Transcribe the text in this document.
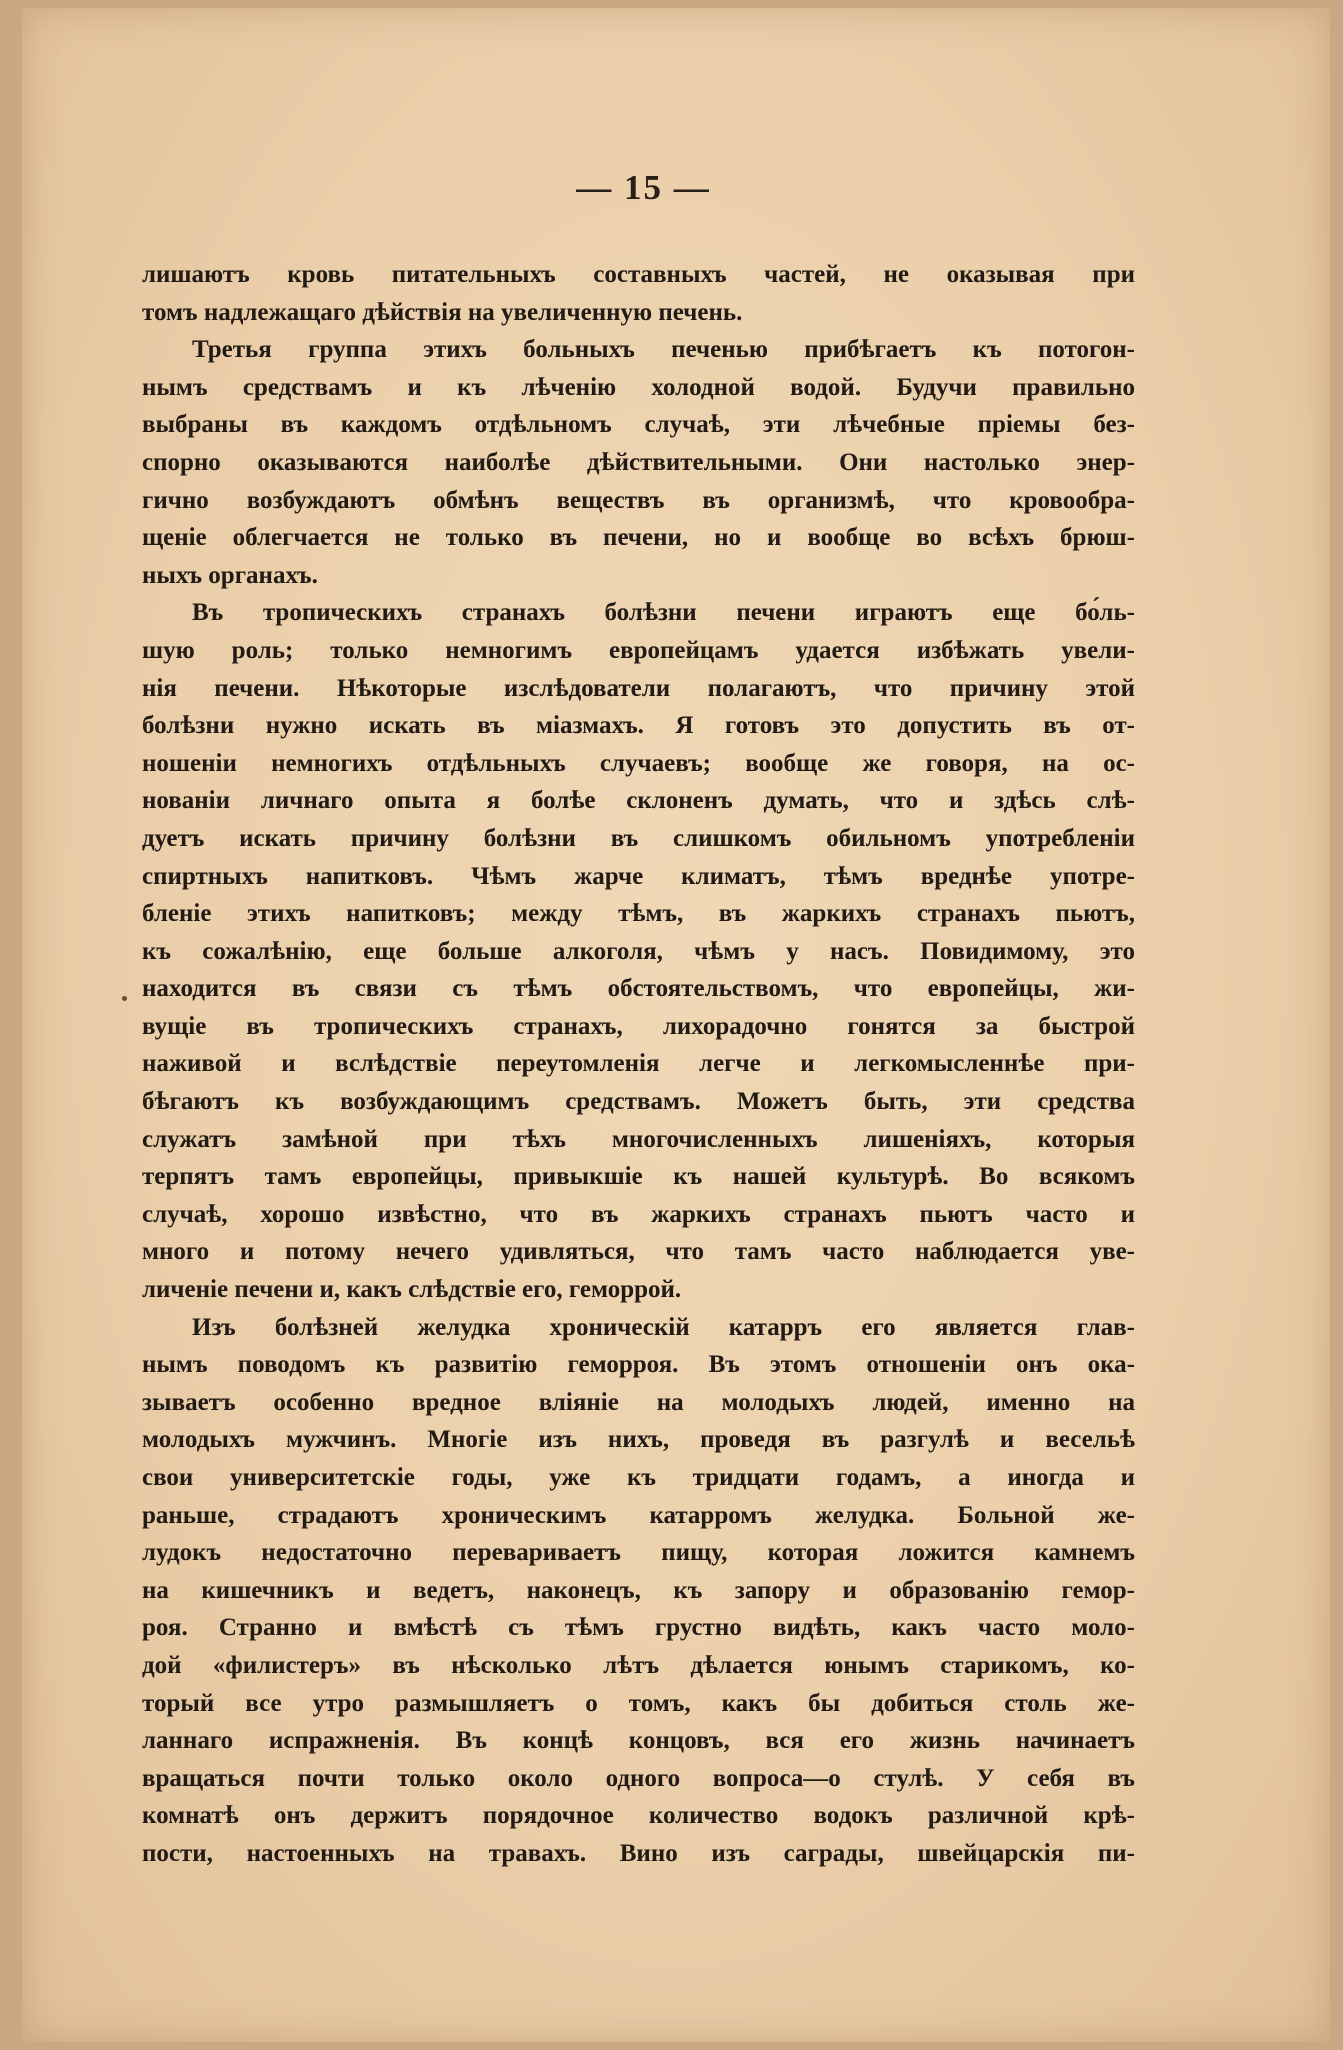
— 15 —
лишаютъ кровь питательныхъ составныхъ частей, не оказывая при
томъ надлежащаго дѣйствія на увеличенную печень.
Третья группа этихъ больныхъ печенью прибѣгаетъ къ потогон-
нымъ средствамъ и къ лѣченію холодной водой. Будучи правильно
выбраны въ каждомъ отдѣльномъ случаѣ, эти лѣчебные пріемы без-
спорно оказываются наиболѣе дѣйствительными. Они настолько энер-
гично возбуждаютъ обмѣнъ веществъ въ организмѣ, что кровообра-
щеніе облегчается не только въ печени, но и вообще во всѣхъ брюш-
ныхъ органахъ.
Въ тропическихъ странахъ болѣзни печени играютъ еще бо́ль-
шую роль; только немногимъ европейцамъ удается избѣжать увели-
нія печени. Нѣкоторые изслѣдователи полагаютъ, что причину этой
болѣзни нужно искать въ міазмахъ. Я готовъ это допустить въ от-
ношеніи немногихъ отдѣльныхъ случаевъ; вообще же говоря, на ос-
нованіи личнаго опыта я болѣе склоненъ думать, что и здѣсь слѣ-
дуетъ искать причину болѣзни въ слишкомъ обильномъ употребленіи
спиртныхъ напитковъ. Чѣмъ жарче климатъ, тѣмъ вреднѣе употре-
бленіе этихъ напитковъ; между тѣмъ, въ жаркихъ странахъ пьютъ,
къ сожалѣнію, еще больше алкоголя, чѣмъ у насъ. Повидимому, это
находится въ связи съ тѣмъ обстоятельствомъ, что европейцы, жи-
вущіе въ тропическихъ странахъ, лихорадочно гонятся за быстрой
наживой и вслѣдствіе переутомленія легче и легкомысленнѣе при-
бѣгаютъ къ возбуждающимъ средствамъ. Можетъ быть, эти средства
служатъ замѣной при тѣхъ многочисленныхъ лишеніяхъ, которыя
терпятъ тамъ европейцы, привыкшіе къ нашей культурѣ. Во всякомъ
случаѣ, хорошо извѣстно, что въ жаркихъ странахъ пьютъ часто и
много и потому нечего удивляться, что тамъ часто наблюдается уве-
личеніе печени и, какъ слѣдствіе его, геморрой.
Изъ болѣзней желудка хроническій катарръ его является глав-
нымъ поводомъ къ развитію геморроя. Въ этомъ отношеніи онъ ока-
зываетъ особенно вредное вліяніе на молодыхъ людей, именно на
молодыхъ мужчинъ. Многіе изъ нихъ, проведя въ разгулѣ и весельѣ
свои университетскіе годы, уже къ тридцати годамъ, а иногда и
раньше, страдаютъ хроническимъ катарромъ желудка. Больной же-
лудокъ недостаточно перевариваетъ пищу, которая ложится камнемъ
на кишечникъ и ведетъ, наконецъ, къ запору и образованію гемор-
роя. Странно и вмѣстѣ съ тѣмъ грустно видѣть, какъ часто моло-
дой «филистеръ» въ нѣсколько лѣтъ дѣлается юнымъ старикомъ, ко-
торый все утро размышляетъ о томъ, какъ бы добиться столь же-
ланнаго испражненія. Въ концѣ концовъ, вся его жизнь начинаетъ
вращаться почти только около одного вопроса—о стулѣ. У себя въ
комнатѣ онъ держитъ порядочное количество водокъ различной крѣ-
пости, настоенныхъ на травахъ. Вино изъ саграды, швейцарскія пи-
